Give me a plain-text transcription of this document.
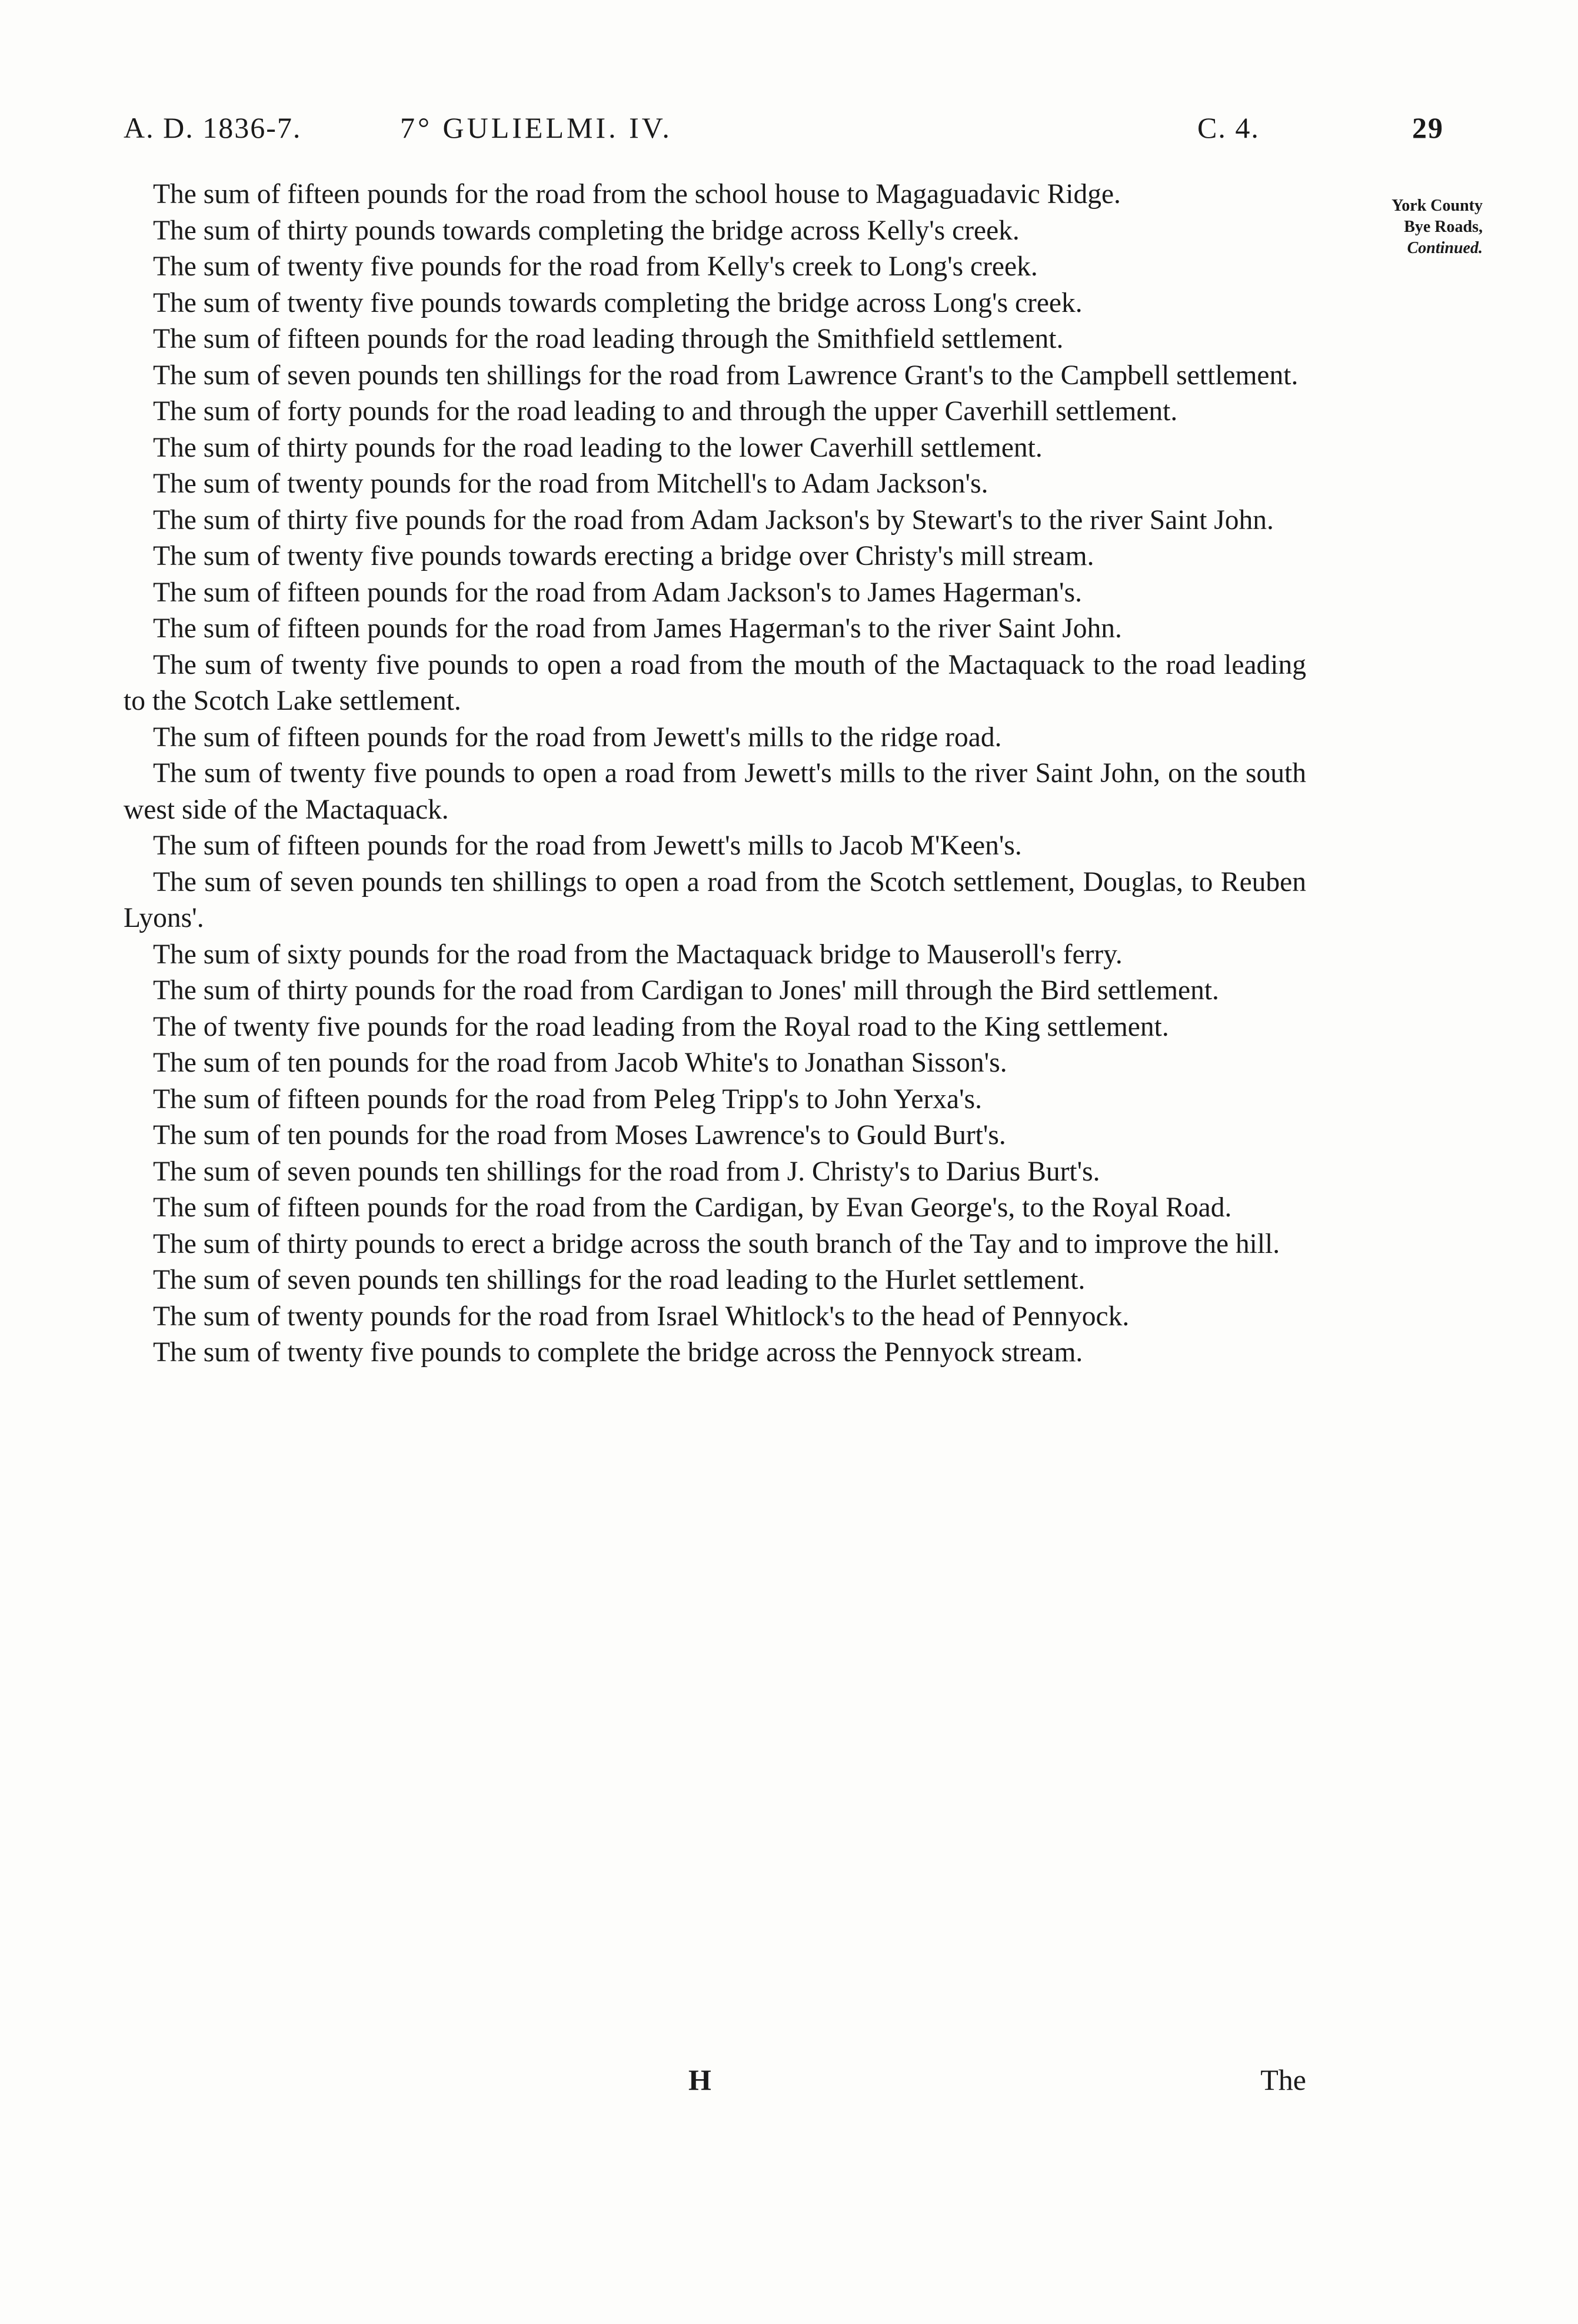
A. D. 1836-7.	7° GULIELMI. IV.	C. 4.	29
York County
Bye Roads,
Continued.

The sum of fifteen pounds for the road from the school house to Magaguadavic Ridge.

The sum of thirty pounds towards completing the bridge across Kelly's creek.

The sum of twenty five pounds for the road from Kelly's creek to Long's creek.

The sum of twenty five pounds towards completing the bridge across Long's creek.

The sum of fifteen pounds for the road leading through the Smithfield settlement.

The sum of seven pounds ten shillings for the road from Lawrence Grant's to the Campbell settlement.

The sum of forty pounds for the road leading to and through the upper Caverhill settlement.

The sum of thirty pounds for the road leading to the lower Caverhill settlement.

The sum of twenty pounds for the road from Mitchell's to Adam Jackson's.

The sum of thirty five pounds for the road from Adam Jackson's by Stewart's to the river Saint John.

The sum of twenty five pounds towards erecting a bridge over Christy's mill stream.

The sum of fifteen pounds for the road from Adam Jackson's to James Hagerman's.

The sum of fifteen pounds for the road from James Hagerman's to the river Saint John.

The sum of twenty five pounds to open a road from the mouth of the Mactaquack to the road leading to the Scotch Lake settlement.

The sum of fifteen pounds for the road from Jewett's mills to the ridge road.

The sum of twenty five pounds to open a road from Jewett's mills to the river Saint John, on the south west side of the Mactaquack.

The sum of fifteen pounds for the road from Jewett's mills to Jacob M'Keen's.

The sum of seven pounds ten shillings to open a road from the Scotch settlement, Douglas, to Reuben Lyons'.

The sum of sixty pounds for the road from the Mactaquack bridge to Mauseroll's ferry.

The sum of thirty pounds for the road from Cardigan to Jones' mill through the Bird settlement.

The of twenty five pounds for the road leading from the Royal road to the King settlement.

The sum of ten pounds for the road from Jacob White's to Jonathan Sisson's.

The sum of fifteen pounds for the road from Peleg Tripp's to John Yerxa's.

The sum of ten pounds for the road from Moses Lawrence's to Gould Burt's.

The sum of seven pounds ten shillings for the road from J. Christy's to Darius Burt's.

The sum of fifteen pounds for the road from the Cardigan, by Evan George's, to the Royal Road.

The sum of thirty pounds to erect a bridge across the south branch of the Tay and to improve the hill.

The sum of seven pounds ten shillings for the road leading to the Hurlet settlement.

The sum of twenty pounds for the road from Israel Whitlock's to the head of Pennyock.

The sum of twenty five pounds to complete the bridge across the Pennyock stream.

H	The
